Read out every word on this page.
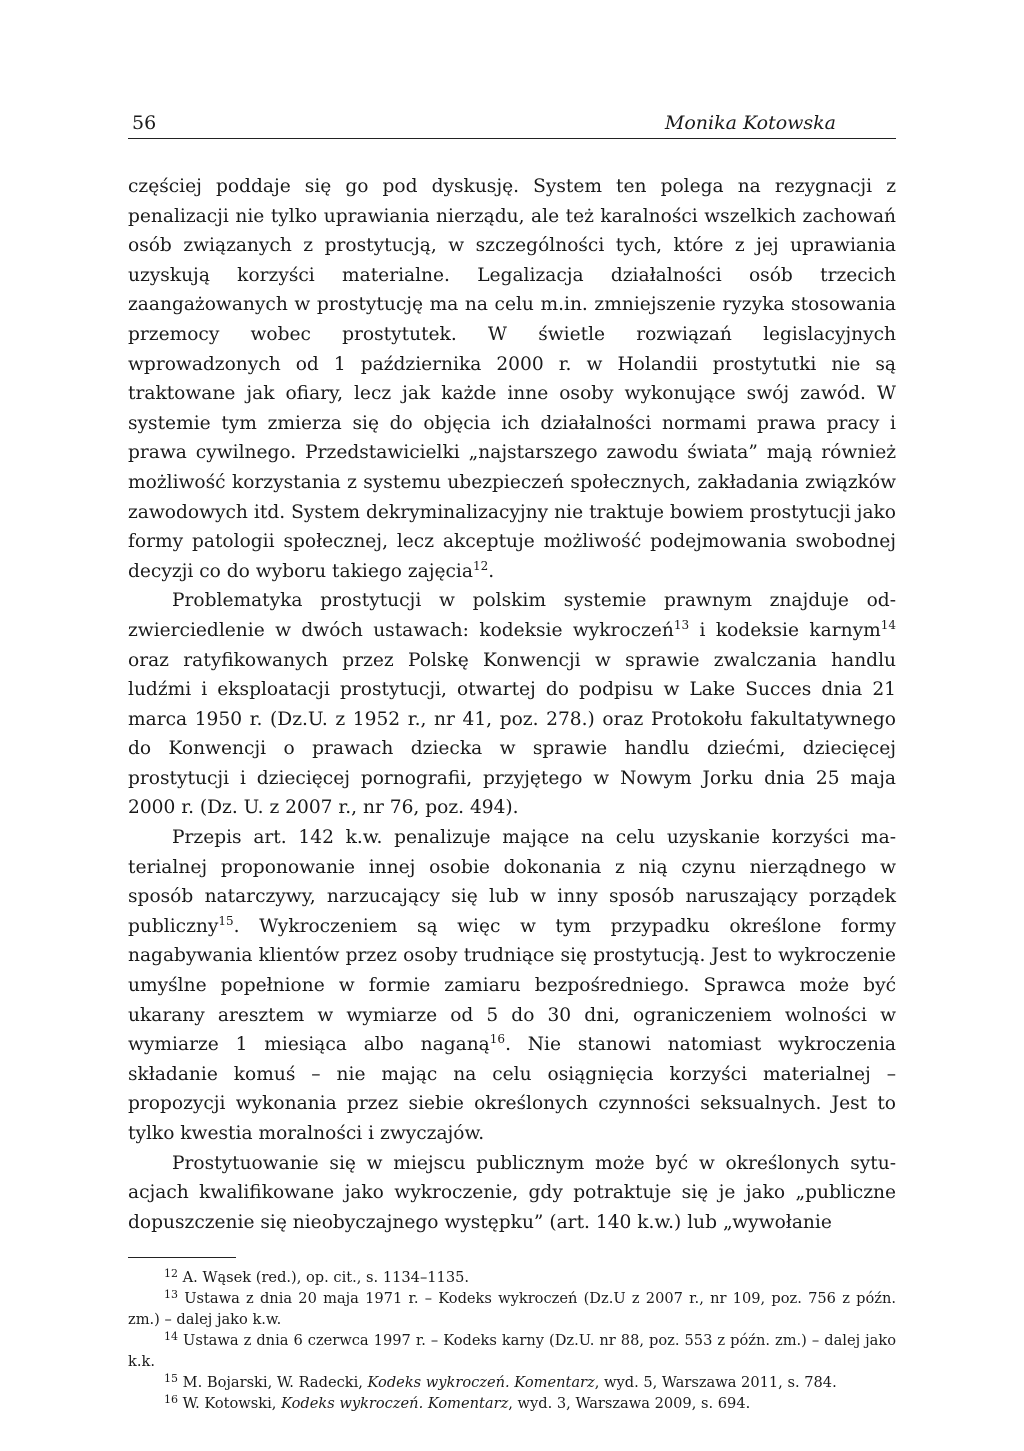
56	Monika Kotowska

częściej poddaje się go pod dyskusję. System ten polega na rezygnacji z penalizacji nie tylko uprawiania nierządu, ale też karalności wszelkich zachowań osób związanych z prostytucją, w szczególności tych, które z jej uprawiania uzyskują korzyści materialne. Legalizacja działalności osób trzecich zaangażowanych w prostytucję ma na celu m.in. zmniejszenie ryzyka stosowania przemocy wobec prostytutek. W świetle rozwiązań legislacyjnych wprowadzonych od 1 października 2000 r. w Holandii prostytutki nie są traktowane jak ofiary, lecz jak każde inne osoby wykonujące swój zawód. W systemie tym zmierza się do objęcia ich działalności normami prawa pracy i prawa cywilnego. Przedstawicielki „najstarszego zawodu świata” mają również możliwość korzystania z systemu ubezpieczeń społecznych, zakładania związków zawodowych itd. System dekryminalizacyjny nie traktuje bowiem prostytucji jako formy patologii społecznej, lecz akceptuje możliwość podejmowania swobodnej decyzji co do wyboru takiego zajęcia$^{12}$.

Problematyka prostytucji w polskim systemie prawnym znajduje odzwierciedlenie w dwóch ustawach: kodeksie wykroczeń$^{13}$ i kodeksie karnym$^{14}$ oraz ratyfikowanych przez Polskę Konwencji w sprawie zwalczania handlu ludźmi i eksploatacji prostytucji, otwartej do podpisu w Lake Succes dnia 21 marca 1950 r. (Dz.U. z 1952 r., nr 41, poz. 278.) oraz Protokołu fakultatywnego do Konwencji o prawach dziecka w sprawie handlu dziećmi, dziecięcej prostytucji i dziecięcej pornografii, przyjętego w Nowym Jorku dnia 25 maja 2000 r. (Dz. U. z 2007 r., nr 76, poz. 494).

Przepis art. 142 k.w. penalizuje mające na celu uzyskanie korzyści materialnej proponowanie innej osobie dokonania z nią czynu nierządnego w sposób natarczywy, narzucający się lub w inny sposób naruszający porządek publiczny$^{15}$. Wykroczeniem są więc w tym przypadku określone formy nagabywania klientów przez osoby trudniące się prostytucją. Jest to wykroczenie umyślne popełnione w formie zamiaru bezpośredniego. Sprawca może być ukarany aresztem w wymiarze od 5 do 30 dni, ograniczeniem wolności w wymiarze 1 miesiąca albo naganą$^{16}$. Nie stanowi natomiast wykroczenia składanie komuś – nie mając na celu osiągnięcia korzyści materialnej – propozycji wykonania przez siebie określonych czynności seksualnych. Jest to tylko kwestia moralności i zwyczajów.

Prostytuowanie się w miejscu publicznym może być w określonych sytuacjach kwalifikowane jako wykroczenie, gdy potraktuje się je jako „publiczne dopuszczenie się nieobyczajnego występku” (art. 140 k.w.) lub „wywołanie

$^{12}$ A. Wąsek (red.), op. cit., s. 1134–1135.

$^{13}$ Ustawa z dnia 20 maja 1971 r. – Kodeks wykroczeń (Dz.U z 2007 r., nr 109, poz. 756 z późn. zm.) – dalej jako k.w.

$^{14}$ Ustawa z dnia 6 czerwca 1997 r. – Kodeks karny (Dz.U. nr 88, poz. 553 z późn. zm.) – dalej jako k.k.

$^{15}$ M. Bojarski, W. Radecki, Kodeks wykroczeń. Komentarz, wyd. 5, Warszawa 2011, s. 784.

$^{16}$ W. Kotowski, Kodeks wykroczeń. Komentarz, wyd. 3, Warszawa 2009, s. 694.
